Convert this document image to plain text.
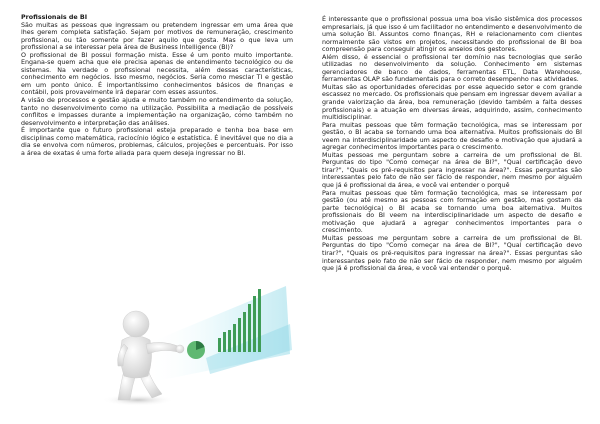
Profissionais de BI

São muitas as pessoas que ingressam ou pretendem ingressar em uma área que lhes gerem completa satisfação. Sejam por motivos de remuneração, crescimento profissional, ou tão somente por fazer aquilo que gosta. Mas o que leva um profissional a se interessar pela área de Business Intelligence (BI)?

O profissional de BI possui formação mista. Esse é um ponto muito importante. Engana-se quem acha que ele precisa apenas de entendimento tecnológico ou de sistemas. Na verdade o profissional necessita, além dessas características, conhecimento em negócios. Isso mesmo, negócios. Seria como mesclar TI e gestão em um ponto único. É importantíssimo conhecimentos básicos de finanças e contábil, pois provavelmente irá deparar com esses assuntos.

A visão de processos e gestão ajuda e muito também no entendimento da solução, tanto no desenvolvimento como na utilização. Possibilita a mediação de possíveis conflitos e impasses durante a implementação na organização, como também no desenvolvimento e interpretação das análises.

É importante que o futuro profissional esteja preparado e tenha boa base em disciplinas como matemática, raciocínio lógico e estatística. É inevitável que no dia a dia se envolva com números, problemas, cálculos, projeções e percentuais. Por isso a área de exatas é uma forte aliada para quem deseja ingressar no BI.

É interessante que o profissional possua uma boa visão sistêmica dos processos empresariais, já que isso é um facilitador no entendimento e desenvolvimento de uma solução BI. Assuntos como finanças, RH e relacionamento com clientes normalmente são vistos em projetos, necessitando do profissional de BI boa compreensão para conseguir atingir os anseios dos gestores.

Além disso, é essencial o profissional ter domínio nas tecnologias que serão utilizadas no desenvolvimento da solução. Conhecimento em sistemas gerenciadores de banco de dados, ferramentas ETL, Data Warehouse, ferramentas OLAP são fundamentais para o correto desempenho nas atividades.

Muitas são as oportunidades oferecidas por esse aquecido setor e com grande escassez no mercado. Os profissionais que pensam em ingressar devem avaliar a grande valorização da área, boa remuneração (devido também a falta desses profissionais) e a atuação em diversas áreas, adquirindo, assim, conhecimento multidisciplinar.

Para muitas pessoas que têm formação tecnológica, mas se interessam por gestão, o BI acaba se tornando uma boa alternativa. Muitos profissionais do BI veem na interdisciplinaridade um aspecto de desafio e motivação que ajudará a agregar conhecimentos importantes para o crescimento.

Muitas pessoas me perguntam sobre a carreira de um profissional de BI. Perguntas do tipo "Como começar na área de BI?", "Qual certificação devo tirar?", "Quais os pré-requisitos para ingressar na área?". Essas perguntas são interessantes pelo fato de não ser fácio de responder, nem mesmo por alguém que já é profissional da área, e você vai entender o porquê

Para muitas pessoas que têm formação tecnológica, mas se interessam por gestão (ou até mesmo as pessoas com formação em gestão, mas gostam da parte tecnológica) o BI acaba se tornando uma boa alternativa. Muitos profissionais do BI veem na interdisciplinaridade um aspecto de desafio e motivação que ajudará a agregar conhecimentos importantes para o crescimento.

Muitas pessoas me perguntam sobre a carreira de um profissional de BI. Perguntas do tipo "Como começar na área de BI?", "Qual certificação devo tirar?", "Quais os pré-requisitos para ingressar na área?". Essas perguntas são interessantes pelo fato de não ser fácio de responder, nem mesmo por alguém que já é profissional da área, e você vai entender o porquê.
